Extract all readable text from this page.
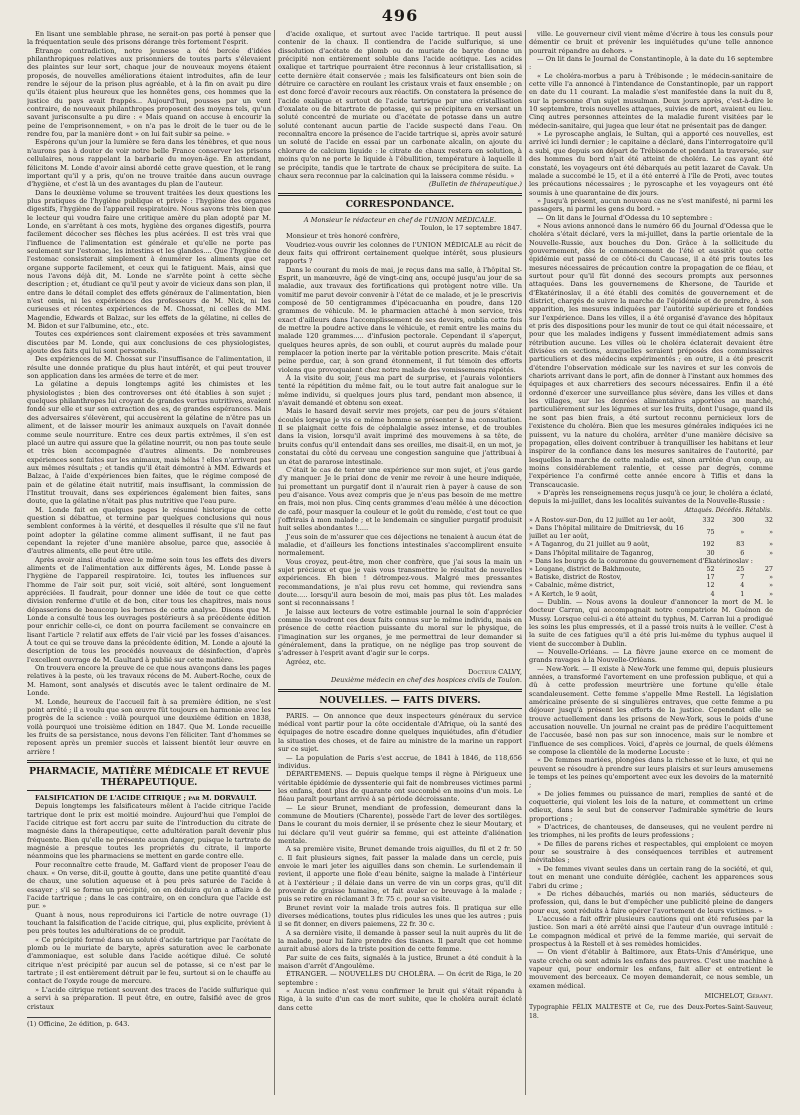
496

En lisant une semblable phrase, ne serait-on pas porté à penser que la fréquentation seule des prisons dérange très fortement l'esprit.

Étrange contradiction, notre jeunesse a été bercée d'idées philanthropiques relatives aux prisonniers de toutes parts s'élevaient des plaintes sur leur sort, chaque jour de nouveaux moyens étaient proposés, de nouvelles améliorations étaient introduites, afin de leur rendre le séjour de la prison plus agréable, et à la fin on avait pu dire qu'ils étaient plus heureux que les honnêtes gens, ces hommes que la justice du pays avait frappés... Aujourd'hui, pousses par un vent contraire, de nouveaux philanthropes proposent des moyens tels, qu'un savant jurisconsulte a pu dire : « Mais quand on accuse à encourir la peine de l'emprisonnement, » on n'a pas le droit de le tuer ou de le rendre fou, par la manière dont » on lui fait subir sa peine. »

Espérons qu'un jour la lumière se fera dans les ténèbres, et que nous n'aurons pas à douter de voir notre belle France conserver les prisons cellulaires, nous rappelant la barbarie du moyen-âge. En attendant, félicitons M. Londe d'avoir ainsi abordé cette grave question, et le rang important qu'il y a pris, qu'on ne trouve traitée dans aucun ouvrage d'hygiène, et c'est là un des avantages du plan de l'auteur.

Dans le deuxième volume se trouvent traitées les deux questions les plus pratiques de l'hygiène publique et privée : l'hygiène des organes digestifs, l'hygiène de l'appareil respiratoire. Nous savons très bien que le lecteur qui voudra faire une critique amère du plan adopté par M. Londe, en s'arrêtant à ces mots, hygiène des organes digestifs, pourra facilement décocher ses flèches les plus acérées. Il est très vrai que l'influence de l'alimentation est générale et qu'elle ne porte pas seulement sur l'estomac, les intestins et les glandes.... Que l'hygiène de l'estomac consisterait simplement à énumérer les aliments que cet organe supporte facilement, et ceux qui le fatiguent. Mais, ainsi que nous l'avons déjà dit, M. Londe ne s'arrête point à cette sèche description ; et, étudiant ce qu'il peut y avoir de vicieux dans son plan, il entre dans le détail complet des effets généraux de l'alimentation, bien n'est omis, ni les expériences des professeurs de M. Nick, ni les curieuses et récentes expériences de M. Chossat, ni celles de MM. Magendie, Edwards et Balzac, sur les effets de la gélatine, ni celles de M. Bidon et sur l'albumine, etc., etc.

Toutes ces expériences sont clairement exposées et très savamment discutées par M. Londe, qui aux conclusions de ces physiologistes, ajoute des faits qui lui sont personnels.

Des expériences de M. Chossat sur l'insuffisance de l'alimentation, il résulte une donnée pratique du plus haut intérêt, et qui peut trouver son application dans les armées de terre et de mer.

La gélatine a depuis longtemps agité les chimistes et les physiologistes ; bien des controverses ont été établies à son sujet ; quelques philanthropes lui croyant de grandes vertus nutritives, avaient fondé sur elle et sur son extraction des es, de grandes espérances. Mais des adversaires s'élevèrent, qui accusèrent la gélatine de n'être pas un aliment, et de laisser mourir les animaux auxquels on l'avait donnée comme seule nourriture. Entre ces deux partis extrêmes, il s'en est placé un autre qui assure que la gélatine nourrit, ou non pas toute seule et très bien accompagnée d'autres aliments. De nombreuses expériences sont faites sur les animaux, mais hélas ! elles n'arrivent pas aux mêmes résultats ; et tandis qu'il était démontré à MM. Edwards et Balzac, à l'aide d'expériences bien faites, que le régime composé de pain et de gélatine était nutritif, mais insuffisant, la commission de l'Institut trouvait, dans ses expériences également bien faites, sans doute, que la gélatine n'était pas plus nutritive que l'eau pure.

M. Londe fait en quelques pages le résumé historique de cette question si débattue, et termine par quelques conclusions qui nous semblent conformes à la vérité, et desquelles il résulte que s'il ne faut point adopter la gélatine comme aliment suffisant, il ne faut pas cependant la rejeter d'une manière absolue, parce que, associée à d'autres aliments, elle peut être utile.

Après avoir ainsi étudié avec le même soin tous les effets des divers aliments et de l'alimentation aux différents âges, M. Londe passe à l'hygiène de l'appareil respiratoire. Ici, toutes les influences sur l'homme de l'air soit pur, soit vicié, soit altéré, sont longuement appréciées. Il faudrait, pour donner une idée de tout ce que cette division renferme d'utile et de bon, citer tous les chapitres, mais nous dépasserions de beaucoup les bornes de cette analyse. Disons que M. Londe a consulté tous les ouvrages postérieurs à sa précédente édition pour enrichir celle-ci, ce dont on pourra facilement se convaincre en lisant l'article ? relatif aux effets de l'air vicié par les fosses d'aisances. À tout ce qui se trouve dans la précédente édition, M. Londe a ajouté la description de tous les procédés nouveaux de désinfection, d'après l'excellent ouvrage de M. Gaultard à publié sur cette matière.

On trouvera encore la preuve de ce que nous avançons dans les pages relatives à la peste, où les travaux récens de M. Aubert-Roche, ceux de M. Hamont, sont analysés et discutés avec le talent ordinaire de M. Londe.

M. Londe, heureux de l'accueil fait à sa première édition, ne s'est point arrêté ; il a voulu que son œuvre fût toujours en harmonie avec les progrès de la science : voilà pourquoi une deuxième édition en 1838, voilà pourquoi une troisième édition en 1847. Que M. Londe recueille les fruits de sa persistance, nous devons l'en féliciter. Tant d'hommes se reposent après un premier succès et laissent bientôt leur œuvre en arrière !

PHARMACIE, MATIÈRE MÉDICALE ET REVUE THÉRAPEUTIQUE.

FALSIFICATION DE L'ACIDE CITRIQUE ; par M. DORVAULT.

Depuis longtemps les falsificateurs mêlent à l'acide citrique l'acide tartrique dont le prix est moitié moindre. Aujourd'hui que l'emploi de l'acide citrique est fort accru par suite de l'introduction du citrate de magnésie dans la thérapeutique, cette adultération paraît devenir plus fréquente. Bien qu'elle ne présente aucun danger, puisque le tartrate de magnésie a presque toutes les propriétés du citrate, il importe néanmoins que les pharmaciens se mettent en garde contre elle.

Pour reconnaître cette fraude, M. Gaffard vient de proposer l'eau de chaux. « On verse, dit-il, goutte à goutte, dans une petite quantité d'eau de chaux, une solution aqueuse et à peu près saturée de l'acide à essayer ; s'il se forme un précipité, on en déduira qu'on a affaire à de l'acide tartrique ; dans le cas contraire, on en conclura que l'acide est pur. »

Quant à nous, nous reproduirons ici l'article de notre ouvrage (1) touchant la falsification de l'acide citrique, qui, plus explicite, prévient à peu près toutes les adultérations de ce produit.

« Ce précipité formé dans un soluté d'acide tartrique par l'acétate de plomb ou le muriate de baryte, après saturation avec le carbonate d'ammoniaque, est soluble dans l'acide acétique dilué. Ce soluté citrique n'est précipité par aucun sel de potasse, si ce n'est par le tartrate ; il est entièrement détruit par le feu, surtout si on le chauffe au contact de l'oxyde rouge de mercure.

» L'acide citrique retient souvent des traces de l'acide sulfurique qui a servi à sa préparation. Il peut être, en outre, falsifié avec de gros cristaux

(1) Officine, 2e édition, p. 643.

d'acide oxalique, et surtout avec l'acide tartrique. Il peut aussi contenir de la chaux. Il contiendra de l'acide sulfurique, si une dissolution d'acétate de plomb ou de muriate de baryte donne un précipité non entièrement soluble dans l'acide acétique. Les acides oxalique et tartrique pourraient être reconnus à leur cristallisation, si cette dernière était conservée ; mais les falsificateurs ont bien soin de détruire ce caractère en roulant les cristaux vrais et faux ensemble ; on est donc forcé d'avoir recours aux réactifs. On constatera la présence de l'acide oxalique et surtout de l'acide tartrique par une cristallisation d'oxalate ou de bitartrate de potasse, qui se précipitera en versant un soluté concentré de muriate ou d'acétate de potasse dans un autre soluté contenant aucun partie de l'acide suspecté dans l'eau. On reconnaîtra encore la présence de l'acide tartrique si, après avoir saturé un soluté de l'acide en essai par un carbonate alcalin, on ajoute du chlorure de calcium liquide : le citrate de chaux restera en solution, à moins qu'on ne porte le liquide à l'ébullition, température à laquelle il se précipite, tandis que le tartrate de chaux se précipitera de suite. La chaux sera reconnue par la calcination qui la laissera comme résidu. »

(Bulletin de thérapeutique.)
CORRESPONDANCE.
A Monsieur le rédacteur en chef de l'UNION MÉDICALE.
Toulon, le 17 septembre 1847.

Monsieur et très honoré confrère,

Voudriez-vous ouvrir les colonnes de l'UNION MÉDICALE au récit de deux faits qui offriront certainement quelque intérêt, sous plusieurs rapports ?

Dans le courant du mois de mai, je reçus dans ma salle, à l'hôpital St-Esprit, un manœuvre, âgé de vingt-cinq ans, occupé jusqu'au jour de sa maladie, aux travaux des fortifications qui protègent notre ville. Un vomitif me parut devoir convenir à l'état de ce malade, et je le prescrivis composé de 50 centigrammes d'ipécacuanha en poudre, dans 120 grammes de véhicule. M. le pharmacien attaché à mon service, très exact d'ailleurs dans l'accomplissement de ses devoirs, oublia cette fois de mettre la poudre active dans le véhicule, et remit entre les mains du malade 120 grammes..... d'infusion pectorale. Cependant il s'aperçut, quelques heures après, de son oubli, et courut auprès du malade pour remplacer la potion inerte par la véritable potion prescrite. Mais c'était peine perdue, car, à son grand étonnement, il fut témoin des efforts violens que provoquaient chez notre malade des vomissemens répétés.

À la visite du soir, j'eus ma part de surprise, et j'aurais volontiers tenté la répétition du même fait, ou le tout autre fait analogue sur le même individu, si quelques jours plus tard, pendant mon absence, il n'avait demandé et obtenu son exeat.

Mais le hasard devait servir mes projets, car peu de jours s'étaient écoulés lorsque je vis ce même homme se présenter à ma consultation. Il se plaignait cette fois de céphalalgie assez intense, et de troubles dans la vision, lorsqu'il avait imprimé des mouvemens à sa tête, de bruits confus qu'il entendait dans ses oreilles, me disait-il, en un mot, je constatai du côté du cerveau une congestion sanguine que j'attribuai à un état de pararose intestinale.

C'était le cas de tenter une expérience sur mon sujet, et j'eus garde d'y manquer. Je le priai donc de venir me revoir à une heure indiquée, lui promettant un purgatif dont il n'aurait rien à payer à cause de son peu d'aisance. Vous avez compris que je n'eus pas besoin de me mettre en frais, moi non plus. Cinq cents grammes d'eau mêlée à une décoction de café, pour masquer la couleur et le goût du remède, c'est tout ce que j'offrirais à mon malade ; et le lendemain ce singulier purgatif produisit huit selles abondantes !.....

J'eus soin de m'assurer que ces déjections ne tenaient à aucun état de maladie, et d'ailleurs les fonctions intestinales s'accomplirent ensuite normalement.

Vous croyez, peut-être, mon cher confrère, que j'ai sous la main un sujet précieux et que je vais vous transmettre le résultat de nouvelles expériences. Eh bien ! détrompez-vous. Malgré mes pressantes recommandations, je n'ai plus revu cet homme, qui reviendra sans doute..... lorsqu'il aura besoin de moi, mais pas plus tôt. Les malades sont si reconnaissans !

Je laisse aux lecteurs de votre estimable journal le soin d'apprécier comme ils voudront ces deux faits connus sur le même individu, mais en présence de cette réaction puissante du moral sur le physique, de l'imagination sur les organes, je me permettrai de leur demander si généralement, dans la pratique, on ne néglige pas trop souvent de s'adresser à l'esprit avant d'agir sur le corps.

Agréez, etc.

Docteur CALVY,
Deuxième médecin en chef des hospices civils de Toulon.
NOUVELLES. — FAITS DIVERS.

PARIS. — On annonce que deux inspecteurs généraux du service médical vont partir pour la côte occidentale d'Afrique, où la santé des équipages de notre escadre donne quelques inquiétudes, afin d'étudier la situation des choses, et de faire au ministre de la marine un rapport sur ce sujet.

— La population de Paris s'est accrue, de 1841 à 1846, de 118,656 individus.

DÉPARTEMENS. — Depuis quelque temps il règne à Périgueux une véritable épidémie de dyssenterie qui fait de nombreuses victimes parmi les enfans, dont plus de quarante ont succombé en moins d'un mois. Le fléau paraît pourtant arrivé à sa période décroissante.

— Le sieur Brunet, mendiant de profession, demeurant dans la commune de Moutiers (Charente), possède l'art de lever des sortilèges. Dans le courant du mois dernier, il se présente chez le sieur Moutary, et lui déclare qu'il veut guérir sa femme, qui est atteinte d'aliénation mentale.

A sa première visite, Brunet demande trois aiguilles, du fil et 2 fr. 50 c. Il fait plusieurs signes, fait passer la malade dans un cercle, puis envoie le mari jeter les aiguilles dans son chemin. Le surlendemain il revient, il apporte une fiole d'eau bénite, saigne la malade à l'intérieur et à l'extérieur ; il délaie dans un verre de vin un corps gras, qu'il dit provenir de graisse humaine, et fait avaler ce breuvage à la malade ; puis se retire en réclamant 3 fr. 75 c. pour sa visite.

Brunet revint voir la malade trois autres fois. Il pratiqua sur elle diverses médications, toutes plus ridicules les unes que les autres ; puis il se fit donner, en divers paiemens, 22 fr. 30 c.

A sa dernière visite, il demande à passer seul la nuit auprès du lit de la malade, pour lui faire prendre des tisanes. Il paraît que cet homme aurait abusé alors de la triste position de cette femme.

Par suite de ces faits, signalés à la justice, Brunet a été conduit à la maison d'arrêt d'Angoulême.

ÉTRANGER. — NOUVELLES DU CHOLÉRA. — On écrit de Riga, le 20 septembre :

« Aucun indice n'est venu confirmer le bruit qui s'était répandu à Riga, à la suite d'un cas de mort subite, que le choléra aurait éclaté dans cette

ville. Le gouverneur civil vient même d'écrire à tous les consuls pour démentir ce bruit et prévenir les inquiétudes qu'une telle annonce pourrait répandre au dehors. »

— On lit dans le Journal de Constantinople, à la date du 16 septembre :

« Le choléra-morbus a paru à Trébisonde ; le médecin-sanitaire de cette ville l'a annoncé à l'intendance de Constantinople, par un rapport en date du 11 courant. La maladie s'est manifestée dans la nuit du 8, sur la personne d'un sujet musulman. Deux jours après, c'est-à-dire le 10 septembre, trois nouvelles attaques, suivies de mort, avaient eu lieu. Cinq autres personnes atteintes de la maladie furent visitées par le médecin-sanitaire, qui jugea que leur état ne présentait pas de danger.

» Le pyroscaphe anglais, le Sultan, qui a apporté ces nouvelles, est arrivé ici lundi dernier ; le capitaine a déclaré, dans l'interrogatoire qu'il a subi, que depuis son départ de Trébisonde et pendant la traversée, sur des hommes du bord n'ait été atteint de choléra. Le cas ayant été constaté, les voyageurs ont été débarqués au petit lazaret de Cavak. Un malade a succombé le 15, et il a été enterré à l'île de Proti, avec toutes les précautions nécessaires ; le pyroscaphe et les voyageurs ont été soumis à une quarantaine de dix jours.

» Jusqu'à présent, aucun nouveau cas ne s'est manifesté, ni parmi les passagers, ni parmi les gens du bord. »

— On lit dans le Journal d'Odessa du 10 septembre :

« Nous avions annoncé dans le numéro 66 du Journal d'Odessa que le choléra s'était déclaré, vers la mi-juillet, dans la partie orientale de la Nouvelle-Russie, aux bouches du Don. Grâce à la sollicitude du gouvernement, dès le commencement de l'été et aussitôt que cette épidémie eut passé de ce côté-ci du Caucase, il a été pris toutes les mesures nécessaires de précaution contre la propagation de ce fléau, et surtout pour qu'il fût donné des secours prompts aux personnes attaquées. Dans les gouvernemens de Khersone, de Tauride et d'Ékatérinoslav, il a été établi des comités de gouvernement et de district, chargés de suivre la marche de l'épidémie et de prendre, à son apparition, les mesures indiquées par l'autorité supérieure et fondées sur l'expérience. Dans les villes, il a été organisé d'avance des hôpitaux et pris des dispositions pour les munir de tout ce qui était nécessaire, et pour que les malades indigens y fussent immédiatement admis sans rétribution aucune. Les villes où le choléra éclaterait devaient être divisées en sections, auxquelles seraient préposés des commissaires particuliers et des médecins expérimentés ; en outre, il a été prescrit d'étendre l'observation médicale sur les navires et sur les convois de chariots arrivant dans le port, afin de donner à l'instant aux hommes des équipages et aux charretiers des secours nécessaires. Enfin il a été ordonné d'exercer une surveillance plus sévère, dans les villes et dans les villages, sur les denrées alimentaires apportées au marché, particulièrement sur les légumes et sur les fruits, dont l'usage, quand ils ne sont pas bien frais, a été surtout reconnu pernicieux lors de l'existence du choléra. Bien que les mesures générales indiquées ici ne puissent, vu la nature du choléra, arrêter d'une manière décisive sa propagation, elles doivent contribuer à tranquilliser les habitans et leur inspirer de la confiance dans les mesures sanitaires de l'autorité, par lesquelles la marche de cette maladie est, sinon arrêtée d'un coup, au moins considérablement ralentie, et cesse par degrés, comme l'expérience l'a confirmé cette année encore à Tiflis et dans la Transcaucasie.

» D'après les renseignemens reçus jusqu'à ce jour, le choléra a éclaté, depuis la mi-juillet, dans les localités suivantes de la Nouvelle-Russie :

	Attaqués.	Décédés.	Rétablis.
» A Rostov-sur-Don, du 12 juillet au 1er août,	332	300	32
» Dans l'hôpital militaire de Dmitrievsk, du 16 juillet au 1er août,	75	»	»
» A Taganrog, du 21 juillet au 9 août,	192	83	»
» Dans l'hôpital militaire de Taganrog,	30	6	»
» Dans les bourgs de la couronne du gouvernement d'Ékatérinoslav :			
» Lougane, district de Bakhmoute,	52	25	27
» Batiske, district de Rostov,	17	7	»
» Cabalnic, même district,	12	4	»
» A Kertch, le 9 août,	4	1	»

— Dublin. — Nous avons la douleur d'annoncer la mort de M. le docteur Carran, qui accompagnait notre compatriote M. Guénon de Mussy. Lorsque celui-ci a été atteint du typhus, M. Carran lui a prodigué les soins les plus empressés, et il a passé trois nuits à le veiller. C'est à la suite de ces fatigues qu'il a été pris lui-même du typhus auquel il vient de succomber à Dublin.

— Nouvelle-Orléans. — La fièvre jaune exerce en ce moment de grands ravages à la Nouvelle-Orléans.

— New-York. — Il existe à New-York une femme qui, depuis plusieurs années, a transformé l'avortement en une profession publique, et qui a dû à cette profession meurtrière une fortune qu'elle étale scandaleusement. Cette femme s'appelle Mme Restell. La législation américaine présente de si singulières entraves, que cette femme a pu déjouer jusqu'à présent les efforts de la justice. Cependant elle se trouve actuellement dans les prisons de New-York, sous le poids d'une accusation nouvelle. Un journal ne craint pas de prédire l'acquittement de l'accusée, basé non pas sur son innocence, mais sur le nombre et l'influence de ses complices. Voici, d'après ce journal, de quels élémens se compose la clientèle de la moderne Locuste :

« De femmes mariées, plongées dans la richesse et le luxe, et qui ne peuvent se résoudre à prendre sur leurs plaisirs et sur leurs amusemens le temps et les peines qu'emportent avec eux les devoirs de la maternité ;

» De jolies femmes ou puissance de mari, remplies de santé et de coquetterie, qui violent les lois de la nature, et commettent un crime odieux, dans le seul but de conserver l'admirable symétrie de leurs proportions ;

» D'actrices, de chanteuses, de danseuses, qui ne veulent perdre ni les triomphes, ni les profits de leurs professions ;

» De filles de parens riches et respectables, qui emploient ce moyen pour se soustraire à des conséquences terribles et autrement inévitables ;

» De femmes vivant seules dans un certain rang de la société, et qui, tout en menant une conduite déréglée, cachent les apparences sous l'abri du crime ;

» De riches débauchés, mariés ou non mariés, séducteurs de profession, qui, dans le but d'empêcher une publicité pleine de dangers pour eux, sont réduits à faire opérer l'avortement de leurs victimes. »

L'accusée a fait offrir plusieurs cautions qui ont été refusées par la justice. Son mari a été arrêté ainsi que l'auteur d'un ouvrage intitulé : Le compagnon médical et privé de la femme mariée, qui servait de prospectus à la Restell et à ses remèdes homicides.

— On vient d'établir à Baltimore, aux États-Unis d'Amérique, une vaste crèche où sont admis les enfans des pauvres. C'est une machine à vapeur qui, pour endormir les enfans, fait aller et entretient le mouvement des berceaux. Ce moyen demanderait, ce nous semble, un examen médical.

MICHELOT, Gérant.
Typographie FÉLIX MALTESTE et Ce, rue des Deux-Portes-Saint-Sauveur, 18.
